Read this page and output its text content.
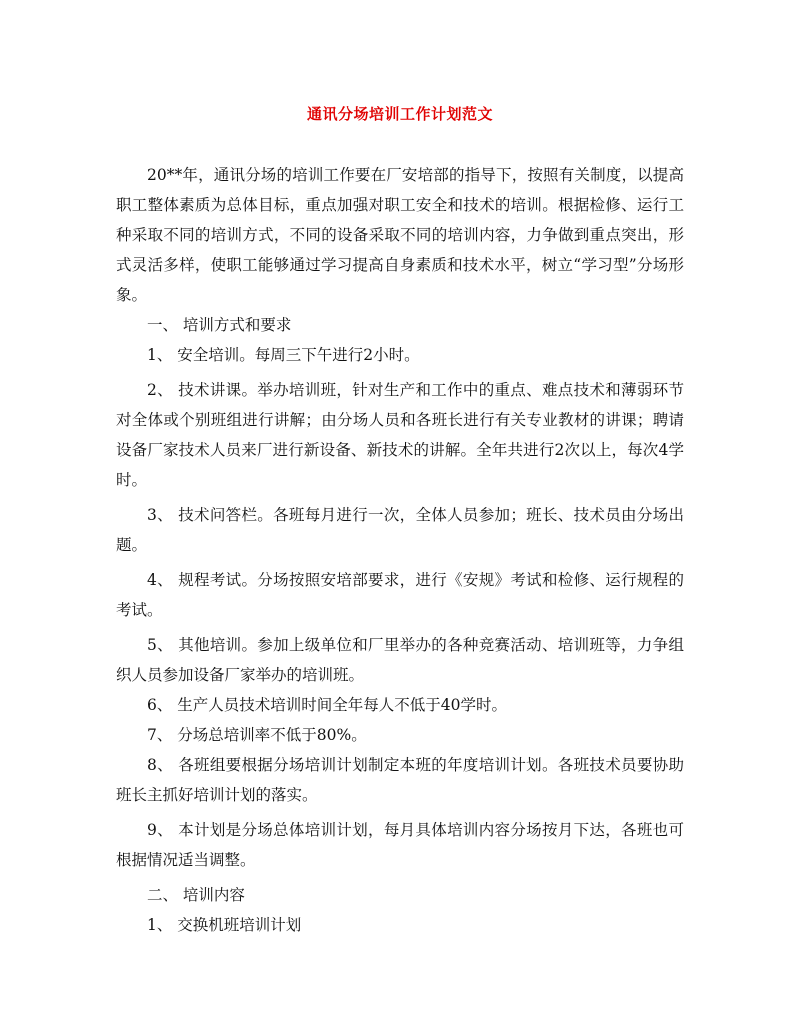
通讯分场培训工作计划范文

20**年，通讯分场的培训工作要在厂安培部的指导下，按照有关制度，以提高职工整体素质为总体目标，重点加强对职工安全和技术的培训。根据检修、运行工种采取不同的培训方式，不同的设备采取不同的培训内容，力争做到重点突出，形式灵活多样，使职工能够通过学习提高自身素质和技术水平，树立“学习型”分场形象。

一、 培训方式和要求

1、 安全培训。每周三下午进行2小时。

2、 技术讲课。举办培训班，针对生产和工作中的重点、难点技术和薄弱环节对全体或个别班组进行讲解；由分场人员和各班长进行有关专业教材的讲课；聘请设备厂家技术人员来厂进行新设备、新技术的讲解。全年共进行2次以上，每次4学时。

3、 技术问答栏。各班每月进行一次，全体人员参加；班长、技术员由分场出题。

4、 规程考试。分场按照安培部要求，进行《安规》考试和检修、运行规程的考试。

5、 其他培训。参加上级单位和厂里举办的各种竞赛活动、培训班等，力争组织人员参加设备厂家举办的培训班。

6、 生产人员技术培训时间全年每人不低于40学时。

7、 分场总培训率不低于80%。

8、 各班组要根据分场培训计划制定本班的年度培训计划。各班技术员要协助班长主抓好培训计划的落实。

9、 本计划是分场总体培训计划，每月具体培训内容分场按月下达，各班也可根据情况适当调整。

二、 培训内容

1、 交换机班培训计划
